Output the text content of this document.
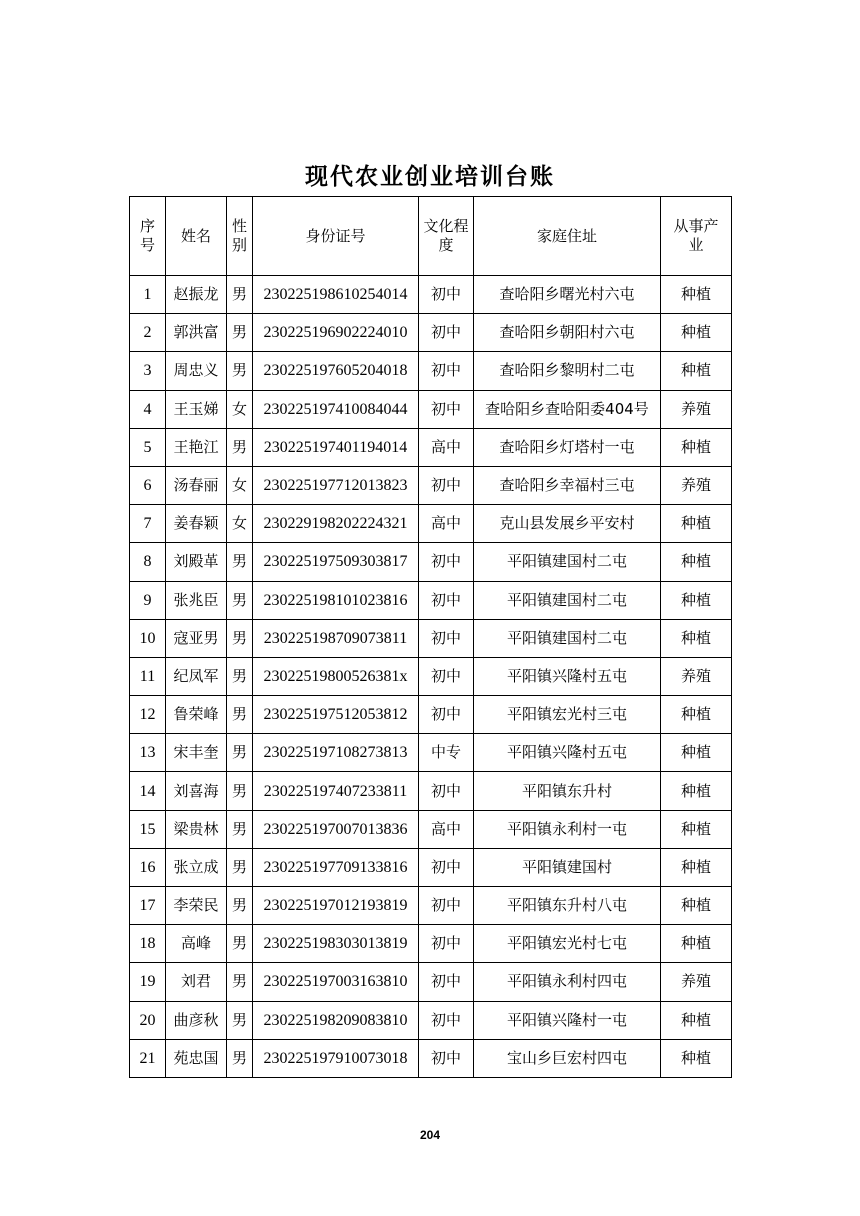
现代农业创业培训台账
序号	姓名	性别	身份证号	文化程度	家庭住址	从事产业
1	赵振龙	男	230225198610254014	初中	查哈阳乡曙光村六屯	种植
2	郭洪富	男	230225196902224010	初中	查哈阳乡朝阳村六屯	种植
3	周忠义	男	230225197605204018	初中	查哈阳乡黎明村二屯	种植
4	王玉娣	女	230225197410084044	初中	查哈阳乡查哈阳委404号	养殖
5	王艳江	男	230225197401194014	高中	查哈阳乡灯塔村一屯	种植
6	汤春丽	女	230225197712013823	初中	查哈阳乡幸福村三屯	养殖
7	姜春颖	女	230229198202224321	高中	克山县发展乡平安村	种植
8	刘殿革	男	230225197509303817	初中	平阳镇建国村二屯	种植
9	张兆臣	男	230225198101023816	初中	平阳镇建国村二屯	种植
10	寇亚男	男	230225198709073811	初中	平阳镇建国村二屯	种植
11	纪凤军	男	2302251980052638​1x	初中	平阳镇兴隆村五屯	养殖
12	鲁荣峰	男	230225197512053812	初中	平阳镇宏光村三屯	种植
13	宋丰奎	男	230225197108273813	中专	平阳镇兴隆村五屯	种植
14	刘喜海	男	230225197407233811	初中	平阳镇东升村	种植
15	梁贵林	男	230225197007013836	高中	平阳镇永利村一屯	种植
16	张立成	男	230225197709133816	初中	平阳镇建国村	种植
17	李荣民	男	230225197012193819	初中	平阳镇东升村八屯	种植
18	高峰	男	230225198303013819	初中	平阳镇宏光村七屯	种植
19	刘君	男	230225197003163810	初中	平阳镇永利村四屯	养殖
20	曲彦秋	男	230225198209083810	初中	平阳镇兴隆村一屯	种植
21	苑忠国	男	230225197910073018	初中	宝山乡巨宏村四屯	种植
204
